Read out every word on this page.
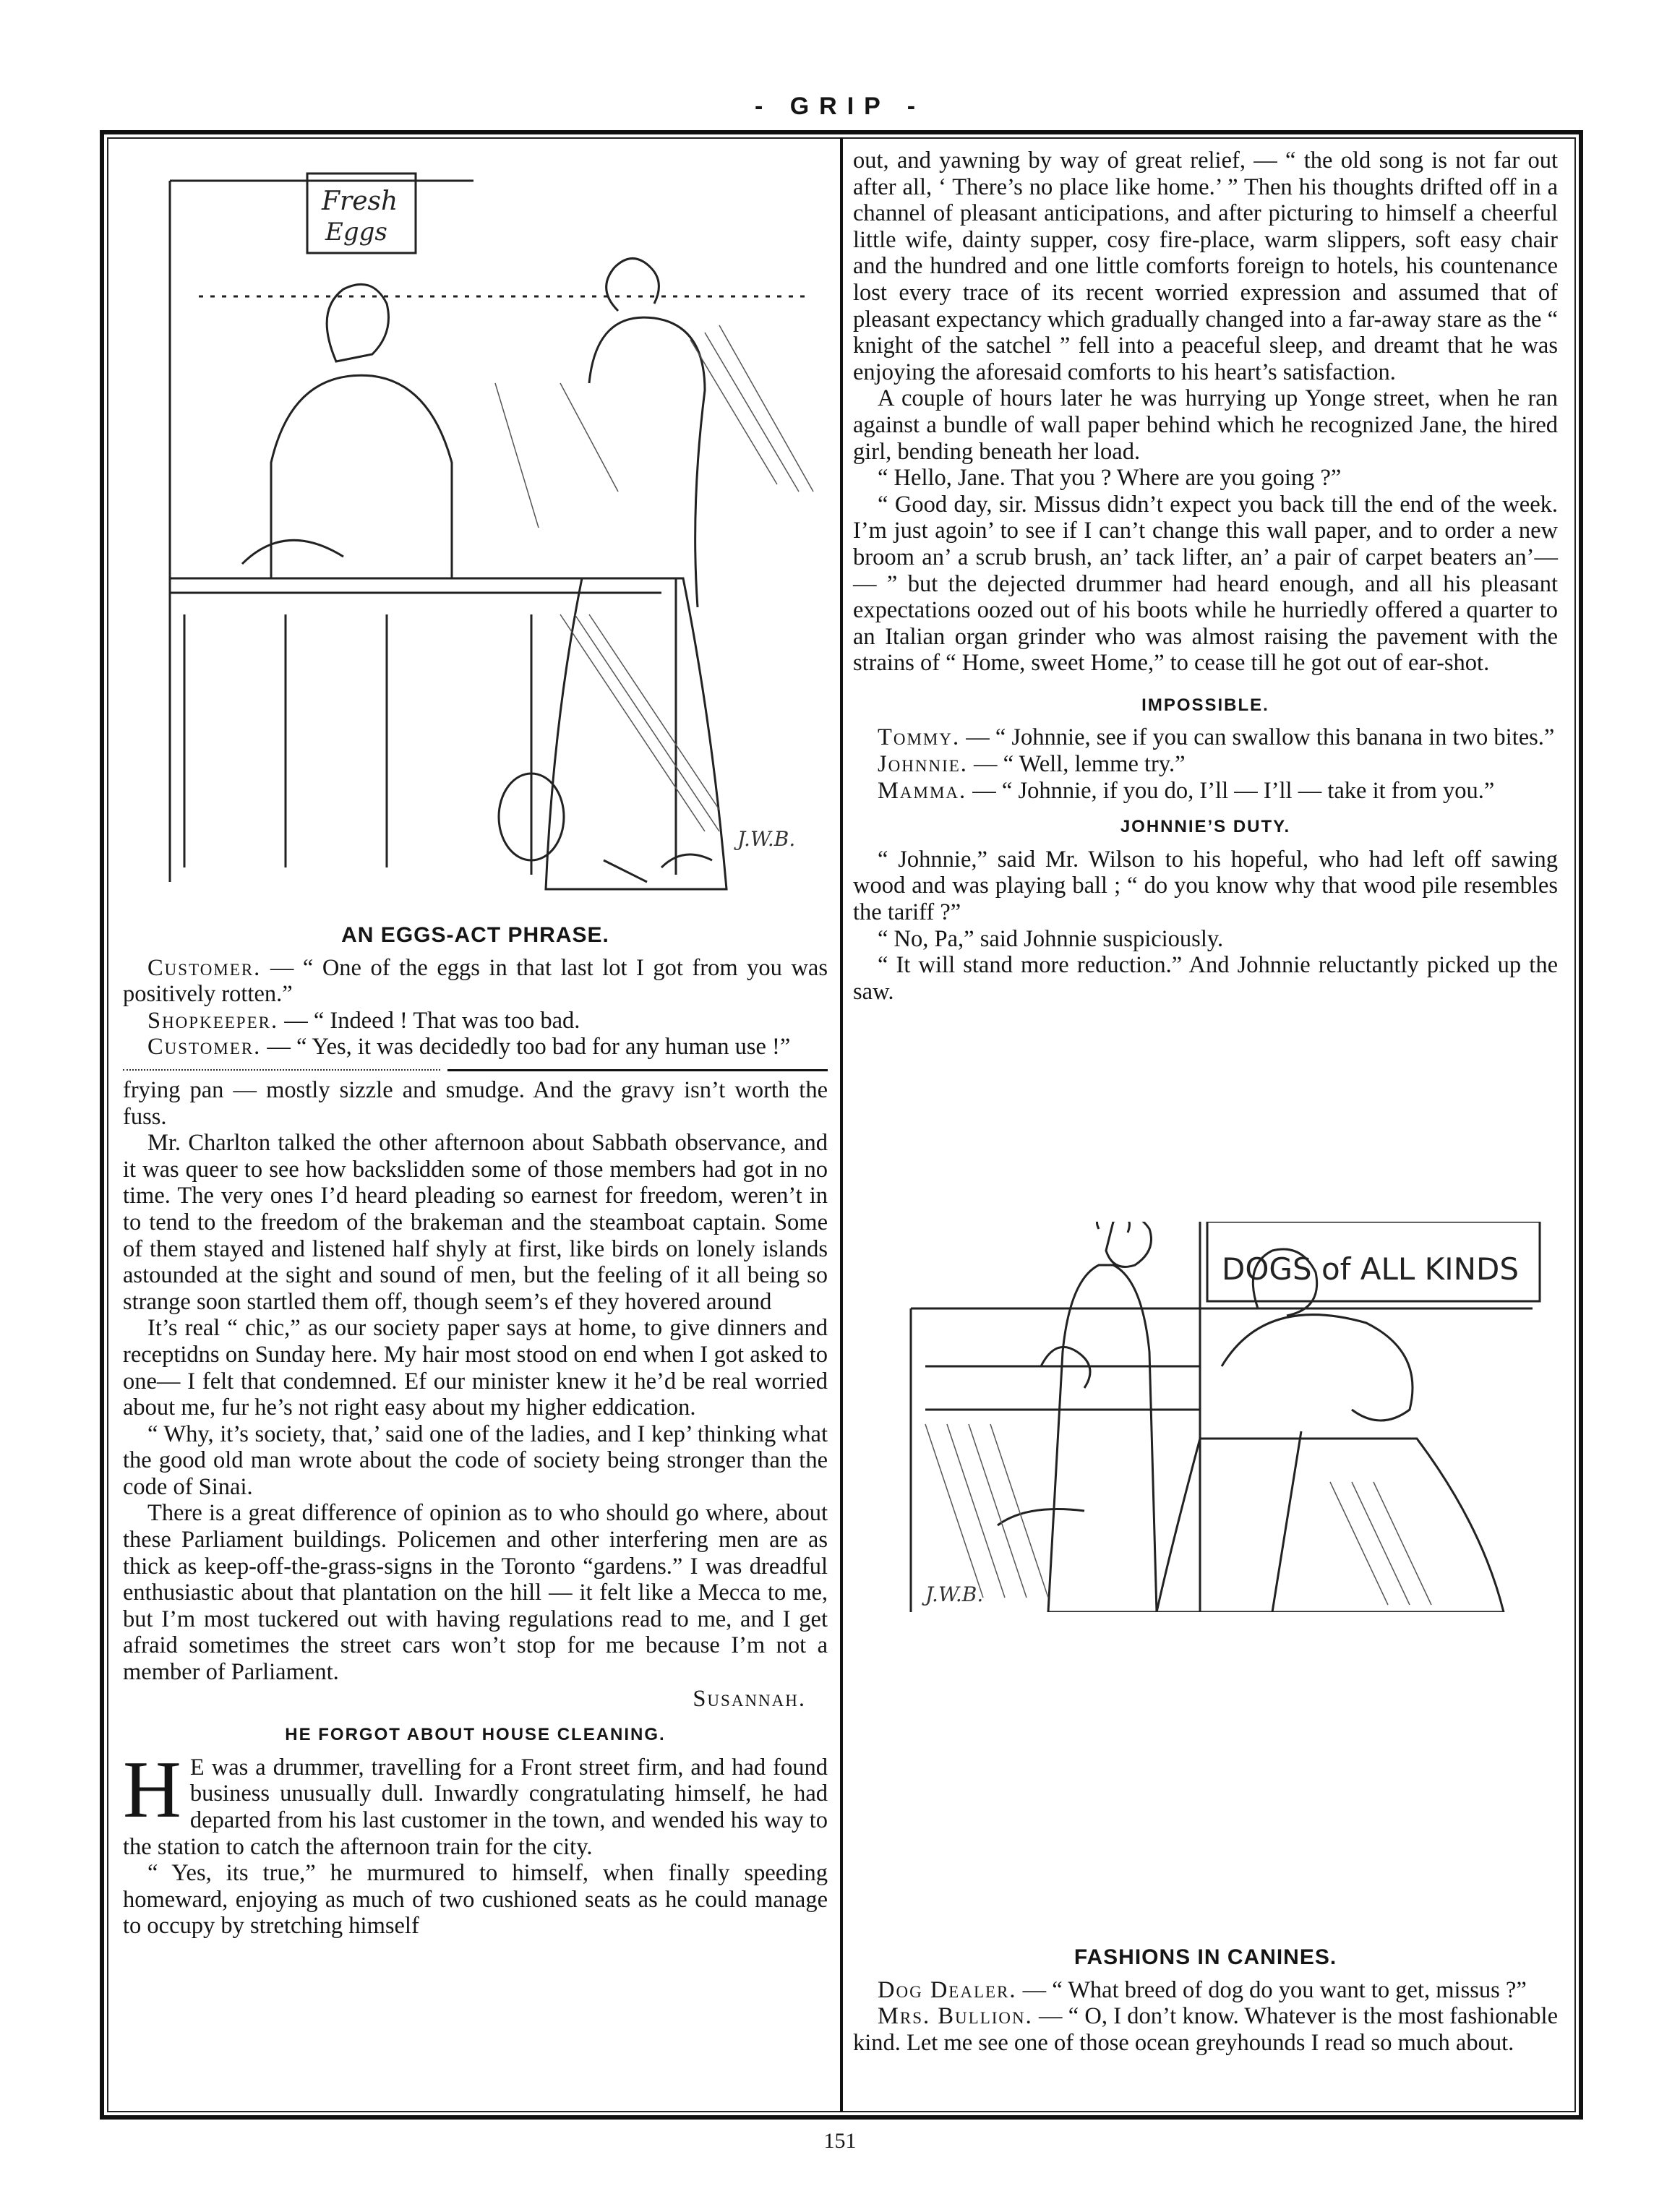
- GRIP -
Fresh
Eggs
J.W.B.
AN EGGS-ACT PHRASE.

Customer. — “ One of the eggs in that last lot I got from you was positively rotten.”

Shopkeeper. — “ Indeed ! That was too bad.

Customer. — “ Yes, it was decidedly too bad for any human use !”

frying pan — mostly sizzle and smudge. And the gravy isn’t worth the fuss.

Mr. Charlton talked the other afternoon about Sabbath observance, and it was queer to see how backslidden some of those members had got in no time. The very ones I’d heard pleading so earnest for freedom, weren’t in to tend to the freedom of the brakeman and the steamboat captain. Some of them stayed and listened half shyly at first, like birds on lonely islands astounded at the sight and sound of men, but the feeling of it all being so strange soon startled them off, though seem’s ef they hovered around

It’s real “ chic,” as our society paper says at home, to give dinners and receptidns on Sunday here. My hair most stood on end when I got asked to one— I felt that condemned. Ef our minister knew it he’d be real worried about me, fur he’s not right easy about my higher eddication.

“ Why, it’s society, that,’ said one of the ladies, and I kep’ thinking what the good old man wrote about the code of society being stronger than the code of Sinai.

There is a great difference of opinion as to who should go where, about these Parliament buildings. Policemen and other interfering men are as thick as keep-off-the-grass-signs in the Toronto “gardens.” I was dreadful enthusiastic about that plantation on the hill — it felt like a Mecca to me, but I’m most tuckered out with having regulations read to me, and I get afraid sometimes the street cars won’t stop for me because I’m not a member of Parliament.

Susannah.

HE FORGOT ABOUT HOUSE CLEANING.

H E was a drummer, travelling for a Front street firm, and had found business unusually dull. Inwardly congratulating himself, he had departed from his last customer in the town, and wended his way to the station to catch the afternoon train for the city.

“ Yes, its true,” he murmured to himself, when finally speeding homeward, enjoying as much of two cushioned seats as he could manage to occupy by stretching himself

out, and yawning by way of great relief, — “ the old song is not far out after all, ‘ There’s no place like home.’ ” Then his thoughts drifted off in a channel of pleasant anticipations, and after picturing to himself a cheerful little wife, dainty supper, cosy fire-place, warm slippers, soft easy chair and the hundred and one little comforts foreign to hotels, his countenance lost every trace of its recent worried expression and assumed that of pleasant expectancy which gradually changed into a far-away stare as the “ knight of the satchel ” fell into a peaceful sleep, and dreamt that he was enjoying the aforesaid comforts to his heart’s satisfaction.

A couple of hours later he was hurrying up Yonge street, when he ran against a bundle of wall paper behind which he recognized Jane, the hired girl, bending beneath her load.

“ Hello, Jane. That you ? Where are you going ?”

“ Good day, sir. Missus didn’t expect you back till the end of the week. I’m just agoin’ to see if I can’t change this wall paper, and to order a new broom an’ a scrub brush, an’ tack lifter, an’ a pair of carpet beaters an’— — ” but the dejected drummer had heard enough, and all his pleasant expectations oozed out of his boots while he hurriedly offered a quarter to an Italian organ grinder who was almost raising the pavement with the strains of “ Home, sweet Home,” to cease till he got out of ear-shot.

IMPOSSIBLE.

Tommy. — “ Johnnie, see if you can swallow this banana in two bites.”

Johnnie. — “ Well, lemme try.”

Mamma. — “ Johnnie, if you do, I’ll — I’ll — take it from you.”

JOHNNIE’S DUTY.

“ Johnnie,” said Mr. Wilson to his hopeful, who had left off sawing wood and was playing ball ; “ do you know why that wood pile resembles the tariff ?”

“ No, Pa,” said Johnnie suspiciously.

“ It will stand more reduction.” And Johnnie reluctantly picked up the saw.

DOGS of ALL KINDS
J.W.B.
FASHIONS IN CANINES.

Dog Dealer. — “ What breed of dog do you want to get, missus ?”

Mrs. Bullion. — “ O, I don’t know. Whatever is the most fashionable kind. Let me see one of those ocean greyhounds I read so much about.

151
